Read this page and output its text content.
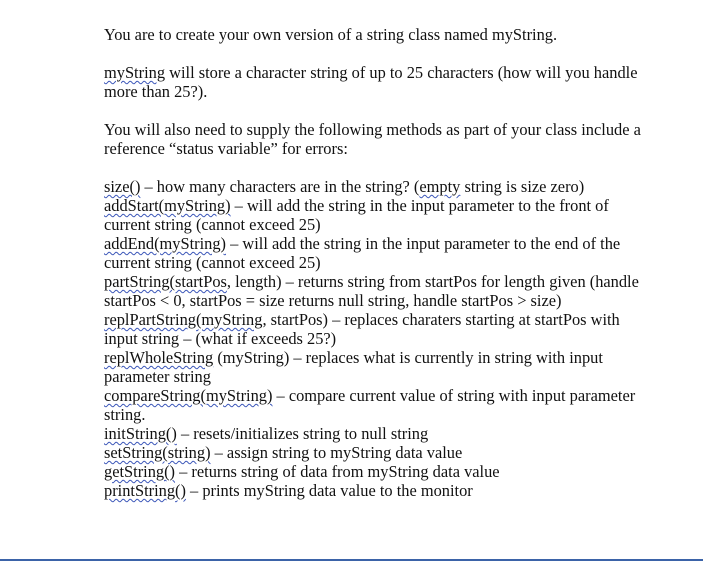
You are to create your own version of a string class named myString.

myString will store a character string of up to 25 characters (how will you handle more than 25?).

You will also need to supply the following methods as part of your class include a reference “status variable” for errors:

size() – how many characters are in the string? (empty string is size zero)

addStart(myString) – will add the string in the input parameter to the front of current string (cannot exceed 25)

addEnd(myString) – will add the string in the input parameter to the end of the current string (cannot exceed 25)

partString(startPos, length) – returns string from startPos for length given (handle startPos < 0, startPos = size returns null string, handle startPos > size)

replPartString(myString, startPos) – replaces charaters starting at startPos with input string – (what if exceeds 25?)

replWholeString (myString) – replaces what is currently in string with input parameter string

compareString(myString) – compare current value of string with input parameter string.

initString() – resets/initializes string to null string

setString(string) – assign string to myString data value

getString() – returns string of data from myString data value

printString() – prints myString data value to the monitor
